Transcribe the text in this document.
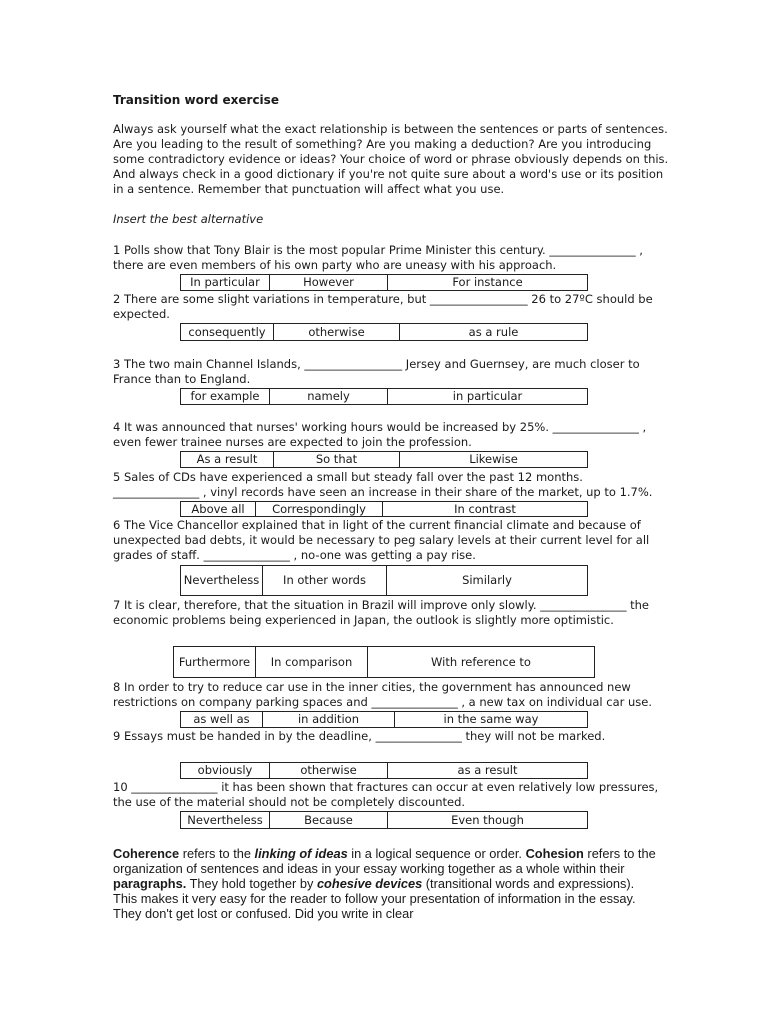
Transition word exercise
Always ask yourself what the exact relationship is between the sentences or parts of sentences.
Are you leading to the result of something? Are you making a deduction? Are you introducing
some contradictory evidence or ideas? Your choice of word or phrase obviously depends on this.
And always check in a good dictionary if you're not quite sure about a word's use or its position
in a sentence. Remember that punctuation will affect what you use.
Insert the best alternative
1 Polls show that Tony Blair is the most popular Prime Minister this century. _______________ ,
there are even members of his own party who are uneasy with his approach.
In particular	However	For instance
2 There are some slight variations in temperature, but _________________ 26 to 27ºC should be
expected.
consequently	otherwise	as a rule
3 The two main Channel Islands, _________________ Jersey and Guernsey, are much closer to
France than to England.
for example	namely	in particular
4 It was announced that nurses' working hours would be increased by 25%. _______________ ,
even fewer trainee nurses are expected to join the profession.
As a result	So that	Likewise
5 Sales of CDs have experienced a small but steady fall over the past 12 months.
_______________ , vinyl records have seen an increase in their share of the market, up to 1.7%.
Above all	Correspondingly	In contrast
6 The Vice Chancellor explained that in light of the current financial climate and because of
unexpected bad debts, it would be necessary to peg salary levels at their current level for all
grades of staff. _______________ , no-one was getting a pay rise.
Nevertheless	In other words	Similarly
7 It is clear, therefore, that the situation in Brazil will improve only slowly. _______________ the
economic problems being experienced in Japan, the outlook is slightly more optimistic.
Furthermore	In comparison	With reference to
8 In order to try to reduce car use in the inner cities, the government has announced new
restrictions on company parking spaces and _______________ , a new tax on individual car use.
as well as	in addition	in the same way
9 Essays must be handed in by the deadline, _______________ they will not be marked.
obviously	otherwise	as a result
10 _______________ it has been shown that fractures can occur at even relatively low pressures,
the use of the material should not be completely discounted.
Nevertheless	Because	Even though
Coherence refers to the linking of ideas in a logical sequence or order. Cohesion refers to the organization of sentences and ideas in your essay working together as a whole within their paragraphs. They hold together by cohesive devices (transitional words and expressions). This makes it very easy for the reader to follow your presentation of information in the essay. They don't get lost or confused. Did you write in clear
